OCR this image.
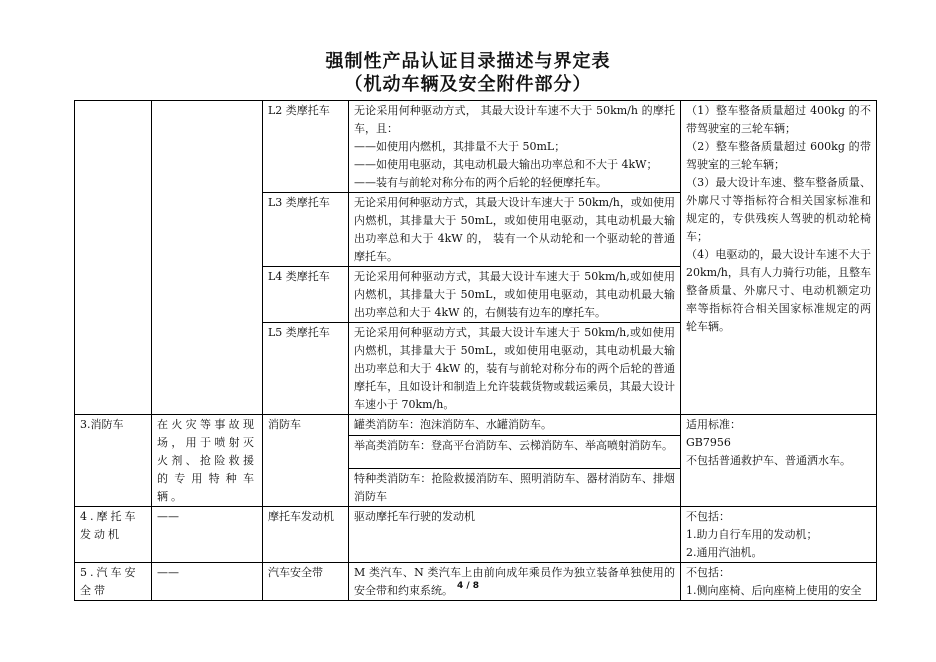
强制性产品认证目录描述与界定表
（机动车辆及安全附件部分）
		L2 类摩托车	无论采用何种驱动方式， 其最大设计车速不大于 50km/h 的摩托车，且：
——如使用内燃机，其排量不大于 50mL；
——如使用电驱动，其电动机最大输出功率总和不大于 4kW；
——装有与前轮对称分布的两个后轮的轻便摩托车。	（1）整车整备质量超过 400kg 的不带驾驶室的三轮车辆；
（2）整车整备质量超过 600kg 的带驾驶室的三轮车辆；
（3）最大设计车速、整车整备质量、外廓尺寸等指标符合相关国家标准和规定的，专供残疾人驾驶的机动轮椅车；
（4）电驱动的，最大设计车速不大于 20km/h，具有人力骑行功能，且整车整备质量、外廓尺寸、电动机额定功率等指标符合相关国家标准规定的两轮车辆。

		L3 类摩托车	无论采用何种驱动方式，其最大设计车速大于 50km/h，或如使用内燃机，其排量大于 50mL，或如使用电驱动，其电动机最大输出功率总和大于 4kW 的， 装有一个从动轮和一个驱动轮的普通摩托车。	
		L4 类摩托车	无论采用何种驱动方式，其最大设计车速大于 50km/h,或如使用内燃机，其排量大于 50mL，或如使用电驱动，其电动机最大输出功率总和大于 4kW 的，右侧装有边车的摩托车。	
		L5 类摩托车	无论采用何种驱动方式，其最大设计车速大于 50km/h,或如使用内燃机，其排量大于 50mL，或如使用电驱动，其电动机最大输出功率总和大于 4kW 的，装有与前轮对称分布的两个后轮的普通摩托车，且如设计和制造上允许装载货物或载运乘员，其最大设计车速小于 70km/h。	
3.消防车	在火灾等事故现场，用于喷射灭火剂、抢险救援的专用特种车辆。	消防车	罐类消防车：泡沫消防车、水罐消防车。	适用标准：
GB7956
不包括普通救护车、普通洒水车。

			举高类消防车：登高平台消防车、云梯消防车、举高喷射消防车。	
			特种类消防车：抢险救援消防车、照明消防车、器材消防车、排烟消防车	
4.摩托车发动机	——	摩托车发动机	驱动摩托车行驶的发动机	不包括：
1.助力自行车用的发动机；
2.通用汽油机。

5.汽车安全带	——	汽车安全带	M 类汽车、N 类汽车上由前向成年乘员作为独立装备单独使用的安全带和约束系统。	不包括：
1.侧向座椅、后向座椅上使用的安全
4 / 8
